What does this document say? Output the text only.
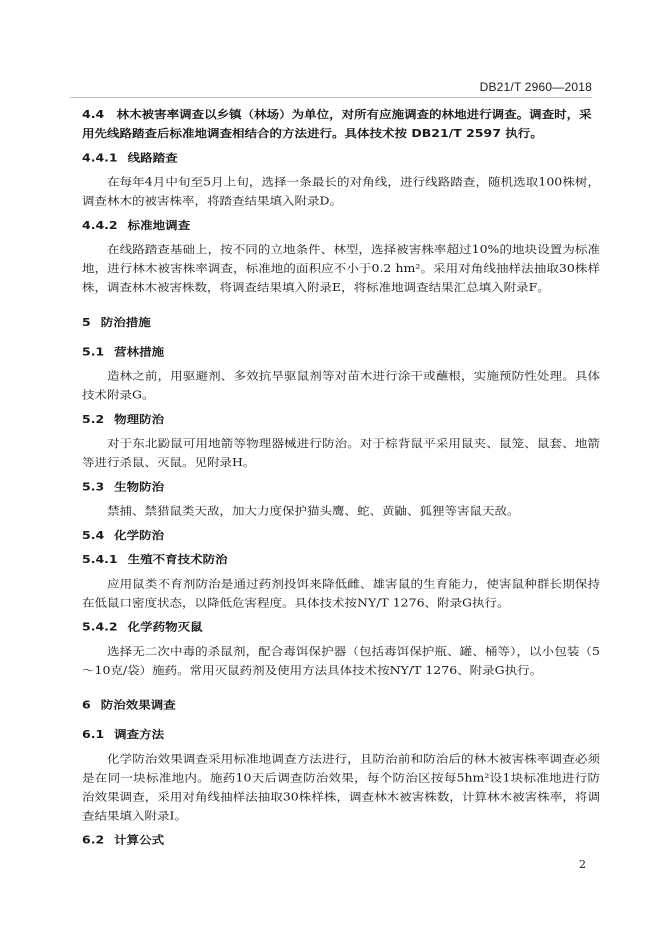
DB21/T 2960—2018
4.4　林木被害率调查以乡镇（林场）为单位，对所有应施调查的林地进行调查。调查时，采用先线路踏查后标准地调查相结合的方法进行。具体技术按 DB21/T 2597 执行。
4.4.1 线路踏查
在每年4月中旬至5月上旬，选择一条最长的对角线，进行线路踏查，随机选取100株树，调查林木的被害株率，将踏查结果填入附录D。
4.4.2 标准地调查
在线路踏查基础上，按不同的立地条件、林型，选择被害株率超过10%的地块设置为标准地，进行林木被害株率调查，标准地的面积应不小于0.2 hm²。采用对角线抽样法抽取30株样株，调查林木被害株数，将调查结果填入附录E，将标准地调查结果汇总填入附录F。
5 防治措施
5.1 营林措施
造林之前，用驱避剂、多效抗旱驱鼠剂等对苗木进行涂干或蘸根，实施预防性处理。具体技术附录G。
5.2 物理防治
对于东北鼢鼠可用地箭等物理器械进行防治。对于棕背鼠平采用鼠夹、鼠笼、鼠套、地箭等进行杀鼠、灭鼠。见附录H。
5.3 生物防治
禁捕、禁猎鼠类天敌，加大力度保护猫头鹰、蛇、黄鼬、狐狸等害鼠天敌。
5.4 化学防治
5.4.1 生殖不育技术防治
应用鼠类不育剂防治是通过药剂投饵来降低雌、雄害鼠的生育能力，使害鼠种群长期保持在低鼠口密度状态，以降低危害程度。具体技术按NY/T 1276、附录G执行。
5.4.2 化学药物灭鼠
选择无二次中毒的杀鼠剂，配合毒饵保护器（包括毒饵保护瓶、罐、桶等），以小包装（5～10克/袋）施药。常用灭鼠药剂及使用方法具体技术按NY/T 1276、附录G执行。
6 防治效果调查
6.1 调查方法
化学防治效果调查采用标准地调查方法进行，且防治前和防治后的林木被害株率调查必须是在同一块标准地内。施药10天后调查防治效果，每个防治区按每5hm²设1块标准地进行防治效果调查，采用对角线抽样法抽取30株样株，调查林木被害株数，计算林木被害株率，将调查结果填入附录I。
6.2 计算公式
2
